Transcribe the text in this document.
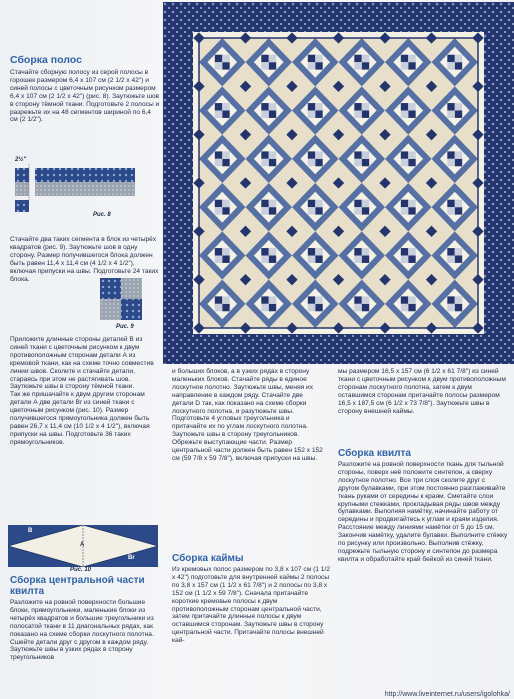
Сборка полос

Стачайте сборную полосу из серой полосы в горошек размером 6,4 х 107 см (2 1/2 х 42") и синей полосы с цветочным рисунком размером 6,4 х 107 см (2 1/2 х 42") (рис. 8). Заутюжьте шов в сторону тёмной ткани. Подготовьте 2 полосы и разрежьте их на 48 сегментов шириной по 6,4 см (2 1/2").

2½"
Рис. 8

Стачайте два таких сегмента в блок из четырёх квадратов (рис. 9). Заутюжьте шов в одну сторону. Размер получившегося блока должен быть равен 11,4 х 11,4 см (4 1/2 х 4 1/2"), включая припуски на швы. Подготовьте 24 таких блока.

Рис. 9

Приложите длинные стороны деталей В из синей ткани с цветочным рисунком к двум противоположным сторонам детали А из кремовой ткани, как на схеме точно совместив линии швов. Сколите и стачайте детали, стараясь при этом не растягивать шов. Заутюжьте швы в сторону тёмной ткани.

Так же пришачайте к двум другим сторонам детали А две детали Вr из синей ткани с цветочным рисунком (рис. 10). Размер получившегося прямоугольника должен быть равен 26,7 х 11,4 см (10 1/2 х 4 1/2"), включая припуски на швы. Подготовьте 36 таких прямоугольников.

A
B
Br
Рис. 10

Сборка центральной части квилта

Разложите на ровной поверхности большие блоки, прямоугольники, маленькие блоки из четырёх квадратов и большие треугольники из полосатой ткани в 11 диагональных рядах, как показано на схеме сборки лоскутного полотна. Сшейте детали друг с другом в каждом ряду. Заутюжьте швы в узких рядах в сторону треугольников

и больших блоков, а в узких рядах в сторону маленьких блоков. Стачайте ряды в единое лоскутное полотно. Заутюжьте швы, меняя их направление в каждом ряду. Стачайте две детали D так, как показано на схеме сборки лоскутного полотна, и разутюжьте швы. Подготовьте 4 угловых треугольника и притачайте их по углам лоскутного полотна. Заутюжьте швы в сторону треугольников. Обрежьте выступающие части. Размер центральной части должен быть равен 152 х 152 см (59 7/8 х 59 7/8"), включая припуски на швы.

Сборка каймы

Из кремовых полос размером по 3,8 х 107 см (1 1/2 х 42") подготовьте для внутренней каймы 2 полосы по 3,8 х 157 см (1 1/2 х 61 7/8") и 2 полосы по 3,8 х 152 см (1 1/2 х 59 7/8"). Сначала притачайте короткие кремовые полосы к двум противоположным сторонам центральной части, затем притачайте длинные полосы к двум оставшимся сторонам. Заутюжьте швы в сторону центральной части. Притачайте полосы внешней кай-

мы размером 16,5 х 157 см (6 1/2 х 61 7/8") из синей ткани с цветочным рисунком к двум противоположным сторонам лоскутного полотна, затем к двум оставшимся сторонам притачайте полосы размером 16,5 х 187,5 см (6 1/2 х 73 7/8"). Заутюжьте швы в сторону внешней каймы.

Сборка квилта

Разложите на ровной поверхности ткань для тыльной стороны, поверх неё положите синтепон, а сверху лоскутное полотно. Все три слоя сколите друг с другом булавками, при этом постоянно разглаживайте ткань руками от середины к краям. Сметайте слои крупными стежками, прокладывая ряды швов между булавками. Выполняя намётку, начинайте работу от середины и продвигайтесь к углам и краям изделия. Расстояние между линиями намётки от 5 до 15 см. Закончив намётку, удалите булавки. Выполните стёжку по рисунку или произвольно. Выполнив стёжку, подрежьте тыльную сторону и синтепон до размера квилта и обработайте край бейкой из синей ткани.

http://www.liveinternet.ru/users/igolohka/
